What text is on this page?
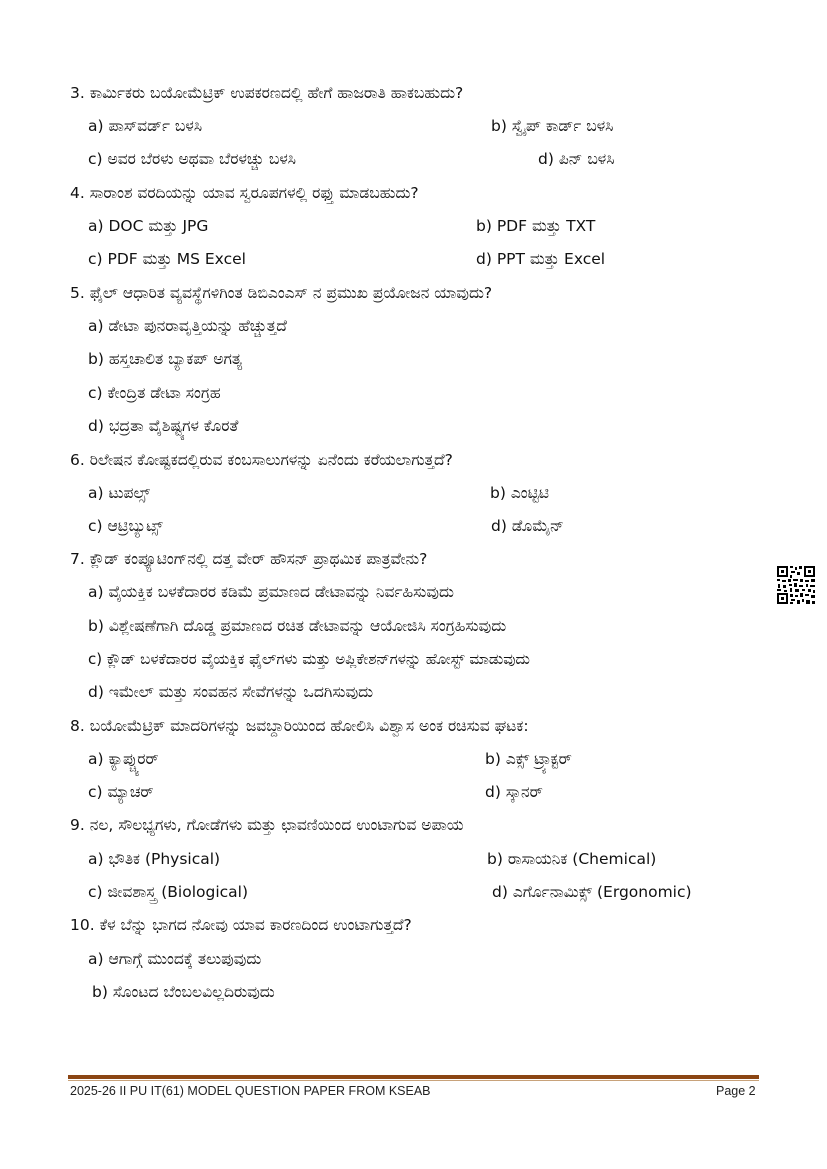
3. ಕಾರ್ಮಿಕರು ಬಯೋಮೆಟ್ರಿಕ್ ಉಪಕರಣದಲ್ಲಿ ಹೇಗೆ ಹಾಜರಾತಿ ಹಾಕಬಹುದು?
a) ಪಾಸ್‌ವರ್ಡ್ ಬಳಸಿ	b) ಸ್ವೈಪ್ ಕಾರ್ಡ್ ಬಳಸಿ
c) ಅವರ ಬೆರಳು ಅಥವಾ ಬೆರಳಚ್ಚು ಬಳಸಿ	d) ಪಿನ್ ಬಳಸಿ
4. ಸಾರಾಂಶ ವರದಿಯನ್ನು ಯಾವ ಸ್ವರೂಪಗಳಲ್ಲಿ ರಫ್ತು ಮಾಡಬಹುದು?
a) DOC ಮತ್ತು JPG	b) PDF ಮತ್ತು TXT
c) PDF ಮತ್ತು MS Excel	d) PPT ಮತ್ತು Excel
5. ಫೈಲ್ ಆಧಾರಿತ ವ್ಯವಸ್ಥೆಗಳಿಗಿಂತ ಡಿಬಿಎಂಎಸ್ ನ ಪ್ರಮುಖ ಪ್ರಯೋಜನ ಯಾವುದು?
a) ಡೇಟಾ ಪುನರಾವೃತ್ತಿಯನ್ನು ಹೆಚ್ಚುತ್ತದೆ
b) ಹಸ್ತಚಾಲಿತ ಬ್ಯಾಕಪ್ ಅಗತ್ಯ
c) ಕೇಂದ್ರಿತ ಡೇಟಾ ಸಂಗ್ರಹ
d) ಭದ್ರತಾ ವೈಶಿಷ್ಟ್ಯಗಳ ಕೊರತೆ
6. ರಿಲೇಷನ ಕೋಷ್ಟಕದಲ್ಲಿರುವ ಕಂಬಸಾಲುಗಳನ್ನು ಏನೆಂದು ಕರೆಯಲಾಗುತ್ತದೆ?
a) ಟುಪಲ್ಸ್	b) ಎಂಟ್ಟಿಟಿ
c) ಆಟ್ರಿಬ್ಯುಟ್ಸ್	d) ಡೊಮೈನ್
7. ಕ್ಲೌಡ್ ಕಂಪ್ಯೂಟಿಂಗ್‌ನಲ್ಲಿ ದತ್ತ ವೇರ್ ಹೌಸನ್ ಪ್ರಾಥಮಿಕ ಪಾತ್ರವೇನು?
a) ವೈಯಕ್ತಿಕ ಬಳಕೆದಾರರ ಕಡಿಮೆ ಪ್ರಮಾಣದ ಡೇಟಾವನ್ನು ನಿರ್ವಹಿಸುವುದು
b) ವಿಶ್ಲೇಷಣೆಗಾಗಿ ದೊಡ್ಡ ಪ್ರಮಾಣದ ರಚಿತ ಡೇಟಾವನ್ನು ಆಯೋಜಿಸಿ ಸಂಗ್ರಹಿಸುವುದು
c) ಕ್ಲೌಡ್ ಬಳಕೆದಾರರ ವೈಯಕ್ತಿಕ ಫೈಲ್‌ಗಳು ಮತ್ತು ಅಪ್ಲಿಕೇಶನ್‌ಗಳನ್ನು ಹೋಸ್ಟ್ ಮಾಡುವುದು
d) ಇಮೇಲ್ ಮತ್ತು ಸಂವಹನ ಸೇವೆಗಳನ್ನು ಒದಗಿಸುವುದು
8. ಬಯೋಮೆಟ್ರಿಕ್ ಮಾದರಿಗಳನ್ನು ಜವಬ್ದಾರಿಯಿಂದ ಹೋಲಿಸಿ ವಿಶ್ವಾಸ ಅಂಕ ರಚಿಸುವ ಘಟಕ:
a) ಕ್ಯಾಪ್ಚ್ಯುರರ್	b) ಎಕ್ಸ್ ಟ್ರ್ಯಾಕ್ಟರ್
c) ಮ್ಯಾಚರ್	d) ಸ್ಕಾನರ್
9. ನಲ, ಸೌಲಭ್ಯಗಳು, ಗೋಡೆಗಳು ಮತ್ತು ಛಾವಣಿಯಿಂದ ಉಂಟಾಗುವ ಅಪಾಯ
a) ಭೌತಿಕ (Physical)	b) ರಾಸಾಯನಿಕ (Chemical)
c) ಜೀವಶಾಸ್ತ್ರ (Biological)	d) ಎರ್ಗೊನಾಮಿಕ್ಸ್ (Ergonomic)
10. ಕೆಳ ಬೆನ್ನು ಭಾಗದ ನೋವು ಯಾವ ಕಾರಣದಿಂದ ಉಂಟಾಗುತ್ತದೆ?
a) ಆಗಾಗ್ಗೆ ಮುಂದಕ್ಕೆ ತಲುಪುವುದು
b) ಸೊಂಟದ ಬೆಂಬಲವಿಲ್ಲದಿರುವುದು
2025-26 II PU IT(61) MODEL QUESTION PAPER FROM KSEAB	Page 2
